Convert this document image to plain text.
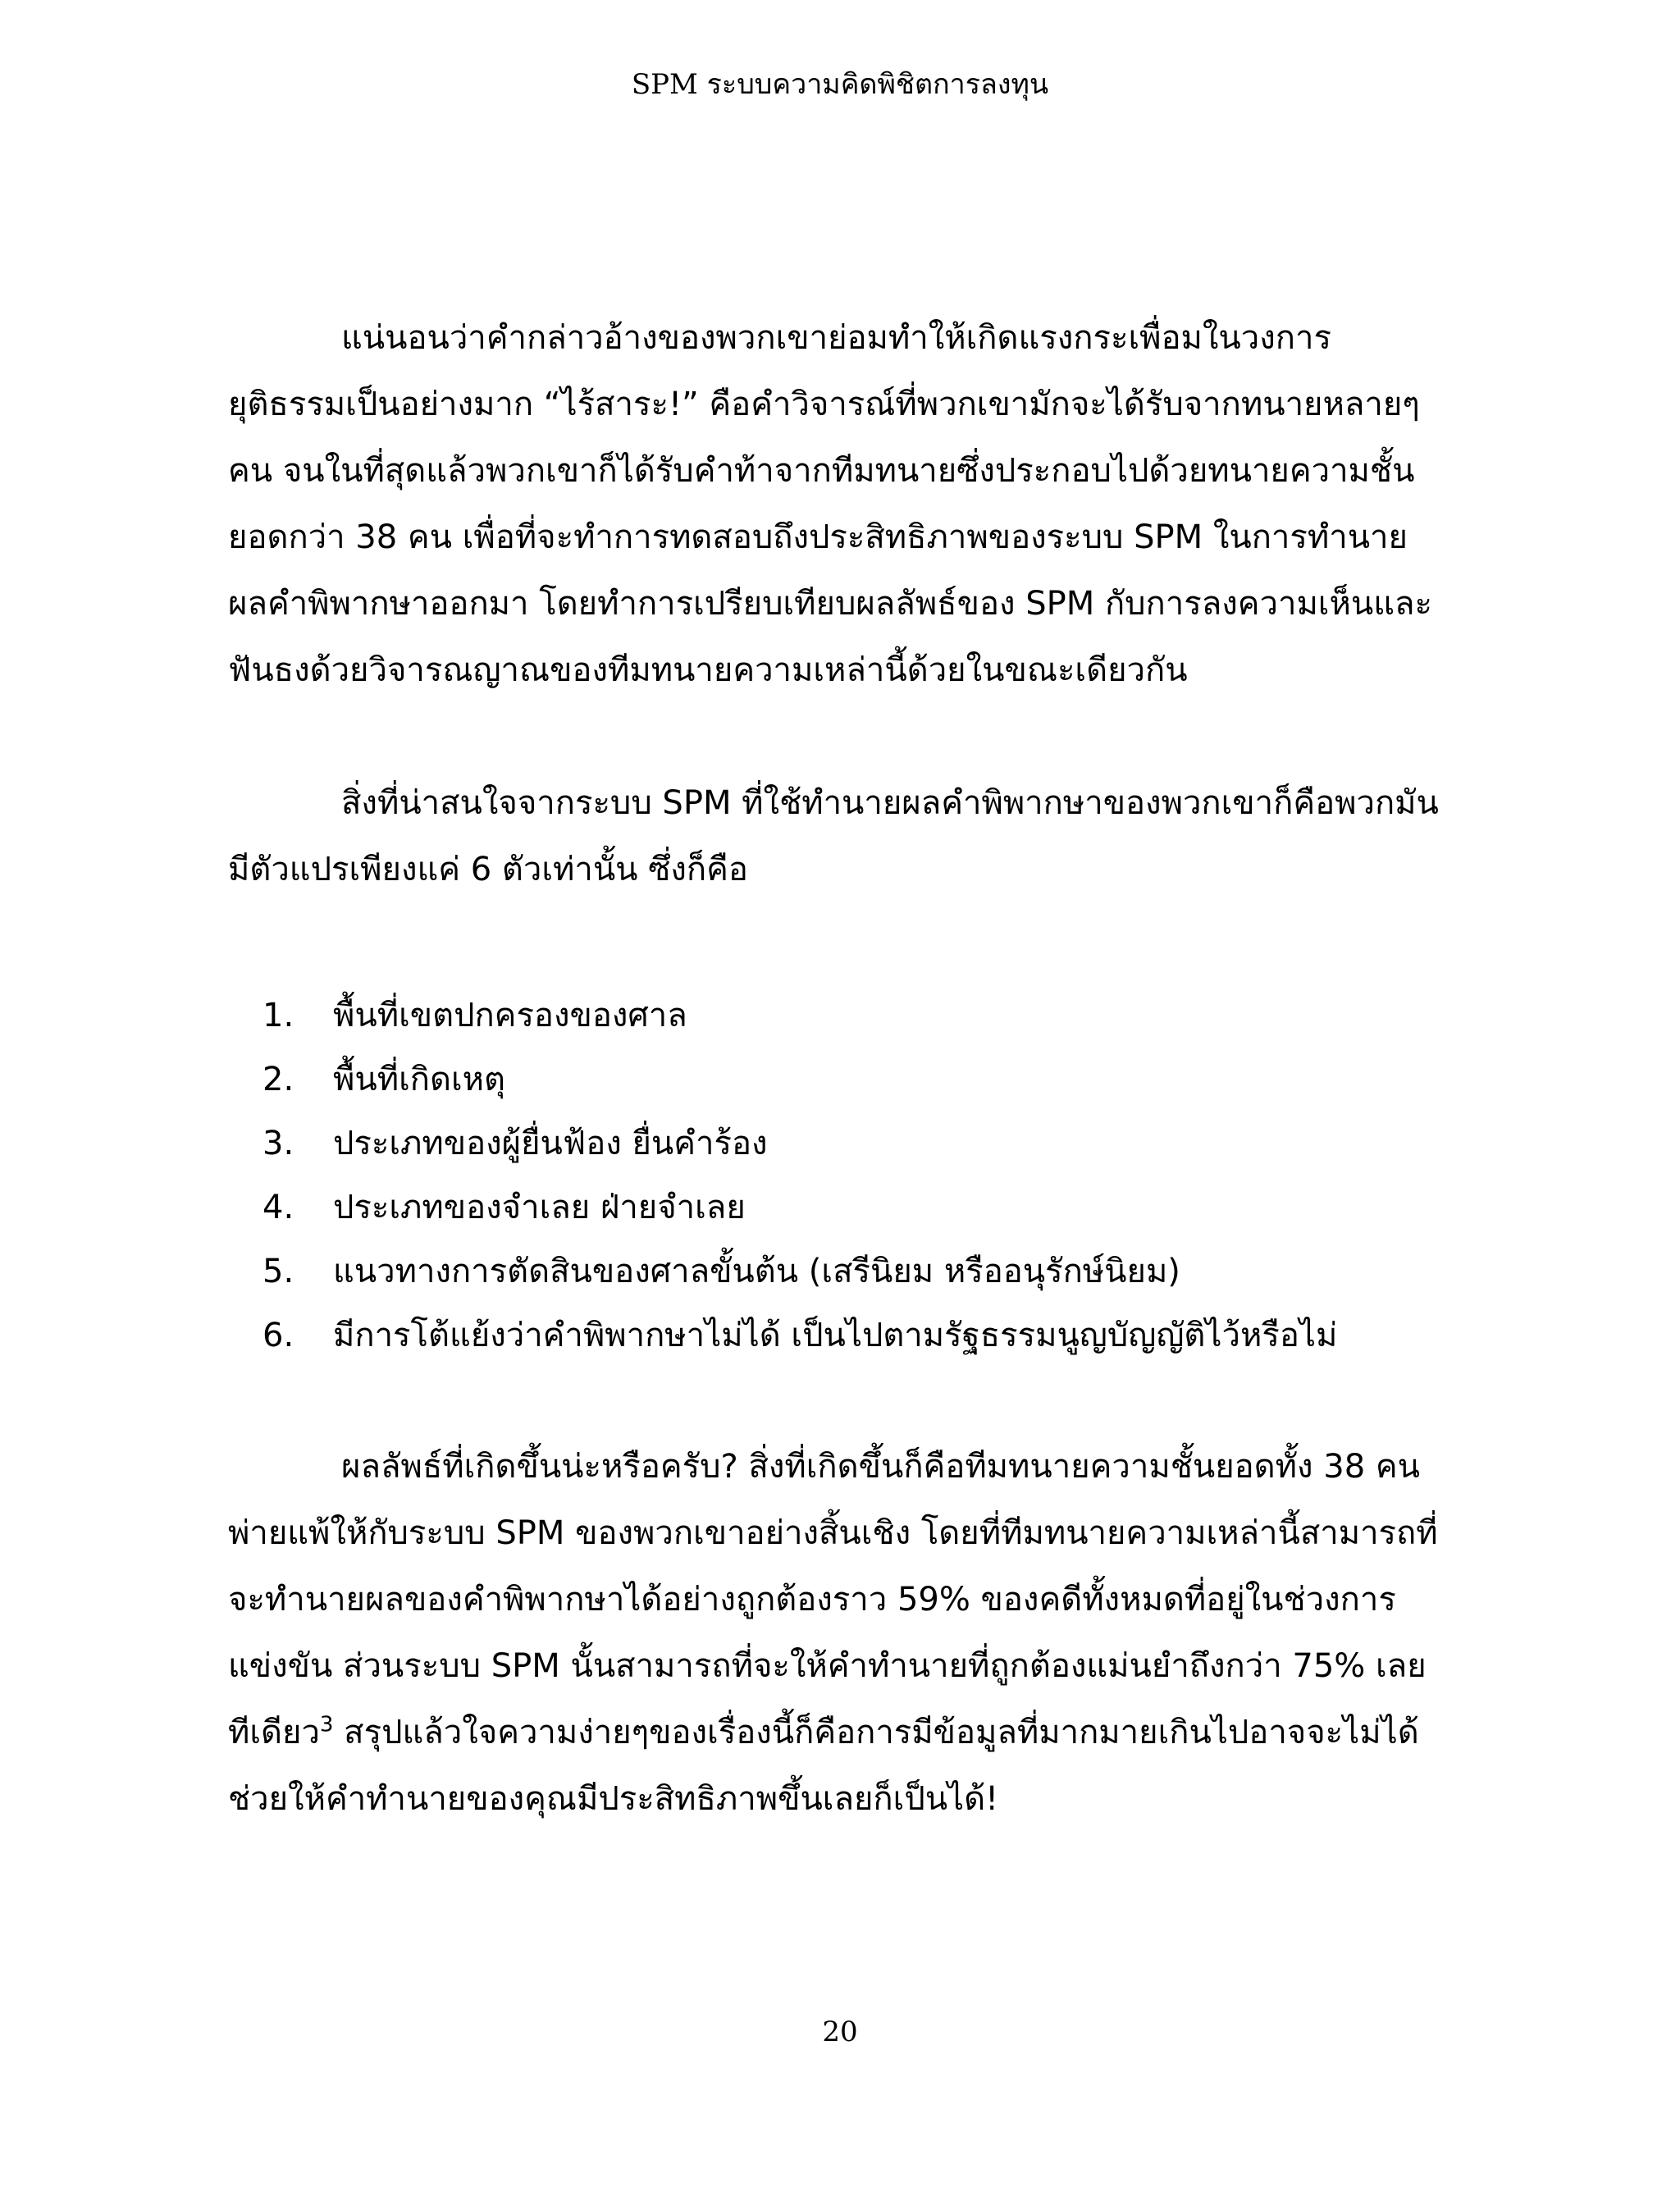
SPM ระบบความคิดพิชิตการลงทุน

แน่นอนว่าคำกล่าวอ้างของพวกเขาย่อมทำให้เกิดแรงกระเพื่อมในวงการยุติธรรมเป็นอย่างมาก “ไร้สาระ!” คือคำวิจารณ์ที่พวกเขามักจะได้รับจากทนายหลายๆคน จนในที่สุดแล้วพวกเขาก็ได้รับคำท้าจากทีมทนายซึ่งประกอบไปด้วยทนายความชั้นยอดกว่า 38 คน เพื่อที่จะทำการทดสอบถึงประสิทธิภาพของระบบ SPM ในการทำนายผลคำพิพากษาออกมา โดยทำการเปรียบเทียบผลลัพธ์ของ SPM กับการลงความเห็นและฟันธงด้วยวิจารณญาณของทีมทนายความเหล่านี้ด้วยในขณะเดียวกัน

สิ่งที่น่าสนใจจากระบบ SPM ที่ใช้ทำนายผลคำพิพากษาของพวกเขาก็คือพวกมันมีตัวแปรเพียงแค่ 6 ตัวเท่านั้น ซึ่งก็คือ

1.	พื้นที่เขตปกครองของศาล
2.	พื้นที่เกิดเหตุ
3.	ประเภทของผู้ยื่นฟ้อง ยื่นคำร้อง
4.	ประเภทของจำเลย ฝ่ายจำเลย
5.	แนวทางการตัดสินของศาลขั้นต้น (เสรีนิยม หรืออนุรักษ์นิยม)
6.	มีการโต้แย้งว่าคำพิพากษาไม่ได้ เป็นไปตามรัฐธรรมนูญบัญญัติไว้หรือไม่

ผลลัพธ์ที่เกิดขึ้นน่ะหรือครับ? สิ่งที่เกิดขึ้นก็คือทีมทนายความชั้นยอดทั้ง 38 คนพ่ายแพ้ให้กับระบบ SPM ของพวกเขาอย่างสิ้นเชิง โดยที่ทีมทนายความเหล่านี้สามารถที่จะทำนายผลของคำพิพากษาได้อย่างถูกต้องราว 59% ของคดีทั้งหมดที่อยู่ในช่วงการแข่งขัน ส่วนระบบ SPM นั้นสามารถที่จะให้คำทำนายที่ถูกต้องแม่นยำถึงกว่า 75% เลยทีเดียว$^3$ สรุปแล้วใจความง่ายๆของเรื่องนี้ก็คือการมีข้อมูลที่มากมายเกินไปอาจจะไม่ได้ช่วยให้คำทำนายของคุณมีประสิทธิภาพขึ้นเลยก็เป็นได้!

20
